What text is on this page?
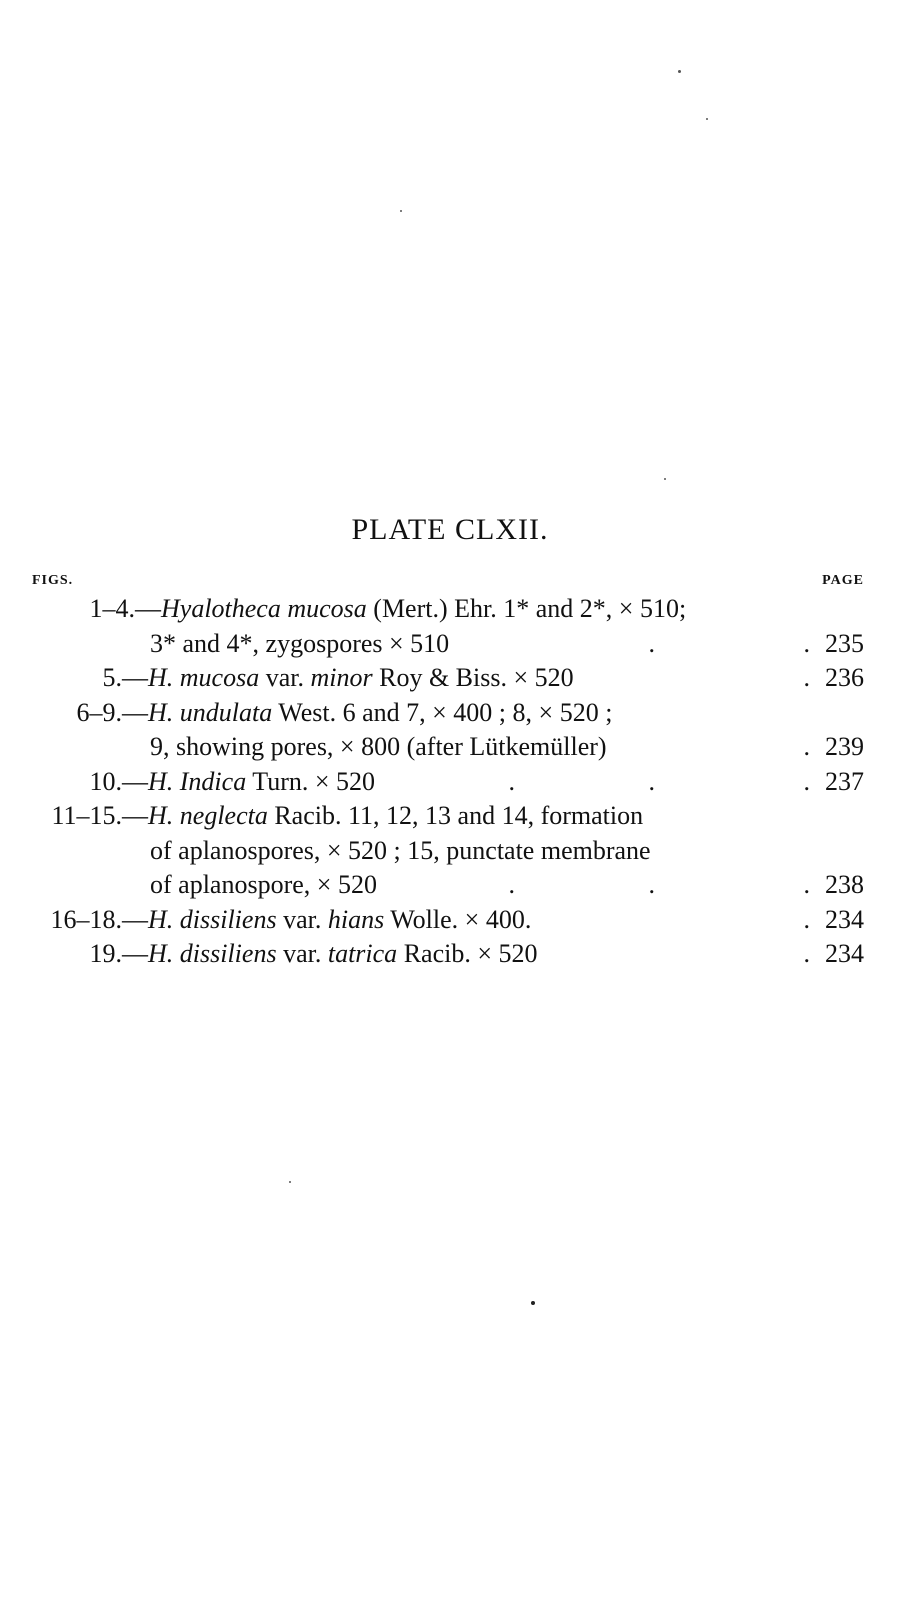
PLATE CLXII.
FIGS.	PAGE
1–4. —Hyalotheca mucosa (Mert.) Ehr. 1* and 2*, × 510;
3* and 4*, zygospores × 510	.	. 235
5. —H. mucosa var. minor Roy & Biss. × 520	. 236
6–9. —H. undulata West. 6 and 7, × 400 ; 8, × 520 ;
9, showing pores, × 800 (after Lütkemüller)	. 239
10. —H. Indica Turn. × 520	.	.	. 237
11–15. —H. neglecta Racib. 11, 12, 13 and 14, formation
of aplanospores, × 520 ; 15, punctate membrane
of aplanospore, × 520	.	.	. 238
16–18. —H. dissiliens var. hians Wolle. × 400.	. 234
19. —H. dissiliens var. tatrica Racib. × 520	. 234
